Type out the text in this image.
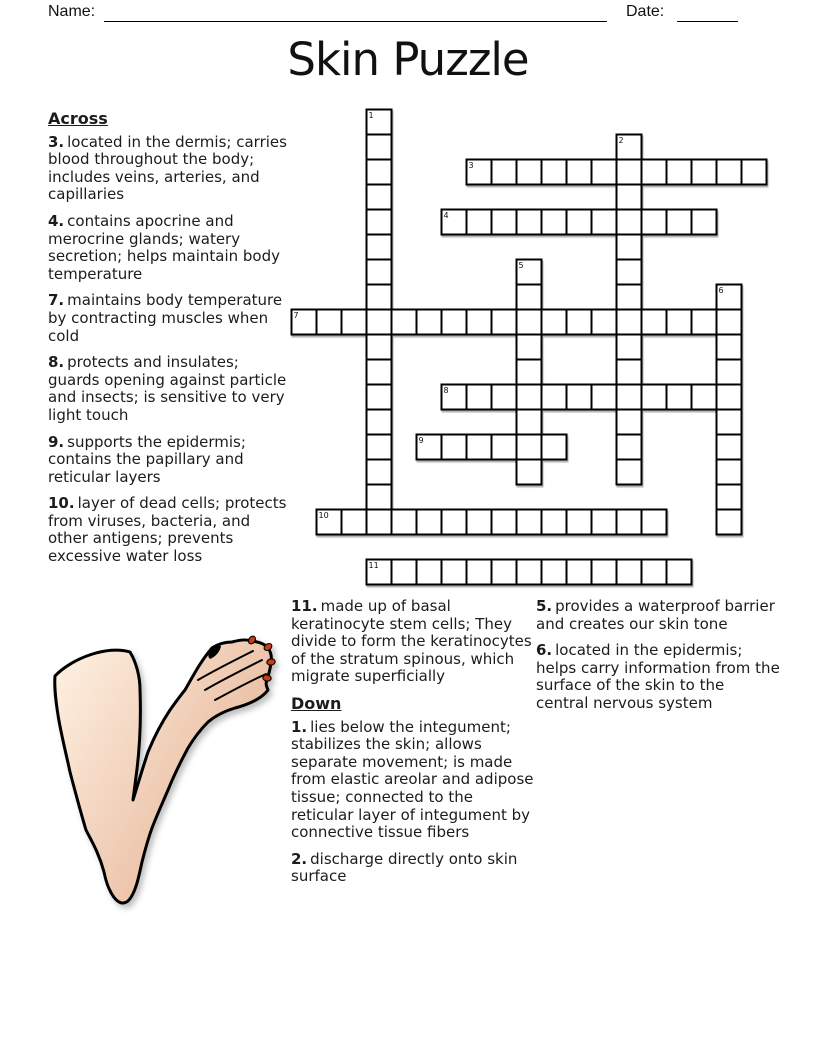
Name:	Date:
Skin Puzzle

Across

3. located in the dermis; carries blood throughout the body; includes veins, arteries, and capillaries

4. contains apocrine and merocrine glands; watery secretion; helps maintain body temperature

7. maintains body temperature by contracting muscles when cold

8. protects and insulates; guards opening against particle and insects; is sensitive to very light touch

9. supports the epidermis; contains the papillary and reticular layers

10. layer of dead cells; protects from viruses, bacteria, and other antigens; prevents excessive water loss

1
2
3
4
5
6
7
8
9
10
11

11. made up of basal keratinocyte stem cells; They divide to form the keratinocytes of the stratum spinous, which migrate superficially

Down

1. lies below the integument; stabilizes the skin; allows separate movement; is made from elastic areolar and adipose tissue; connected to the reticular layer of integument by connective tissue fibers

2. discharge directly onto skin surface

5. provides a waterproof barrier and creates our skin tone

6. located in the epidermis; helps carry information from the surface of the skin to the central nervous system
